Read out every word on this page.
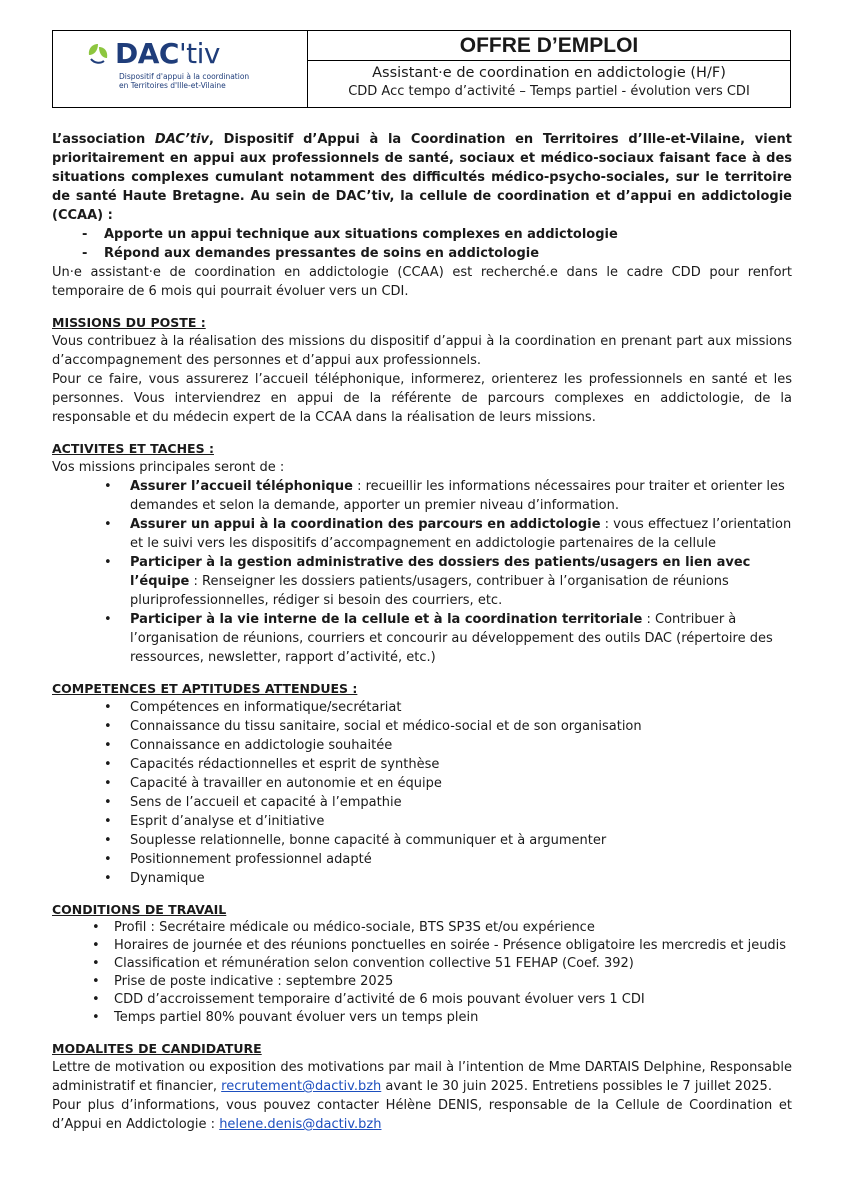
DAC'tiv
Dispositif d'appui à la coordination
en Territoires d'Ille-et-Vilaine
OFFRE D’EMPLOI
Assistant·e de coordination en addictologie (H/F)
CDD Acc tempo d’activité – Temps partiel - évolution vers CDI
L’association DAC’tiv, Dispositif d’Appui à la Coordination en Territoires d’Ille-et-Vilaine, vient prioritairement en appui aux professionnels de santé, sociaux et médico-sociaux faisant face à des situations complexes cumulant notamment des difficultés médico-psycho-sociales, sur le territoire de santé Haute Bretagne. Au sein de DAC’tiv, la cellule de coordination et d’appui en addictologie (CCAA) :
- Apporte un appui technique aux situations complexes en addictologie
- Répond aux demandes pressantes de soins en addictologie

Un·e assistant·e de coordination en addictologie (CCAA) est recherché.e dans le cadre CDD pour renfort temporaire de 6 mois qui pourrait évoluer vers un CDI.

MISSIONS DU POSTE :

Vous contribuez à la réalisation des missions du dispositif d’appui à la coordination en prenant part aux missions d’accompagnement des personnes et d’appui aux professionnels.

Pour ce faire, vous assurerez l’accueil téléphonique, informerez, orienterez les professionnels en santé et les personnes. Vous interviendrez en appui de la référente de parcours complexes en addictologie, de la responsable et du médecin expert de la CCAA dans la réalisation de leurs missions.

ACTIVITES ET TACHES :

Vos missions principales seront de :

• Assurer l’accueil téléphonique : recueillir les informations nécessaires pour traiter et orienter les demandes et selon la demande, apporter un premier niveau d’information.
• Assurer un appui à la coordination des parcours en addictologie : vous effectuez l’orientation et le suivi vers les dispositifs d’accompagnement en addictologie partenaires de la cellule
• Participer à la gestion administrative des dossiers des patients/usagers en lien avec l’équipe : Renseigner les dossiers patients/usagers, contribuer à l’organisation de réunions pluriprofessionnelles, rédiger si besoin des courriers, etc.
• Participer à la vie interne de la cellule et à la coordination territoriale : Contribuer à l’organisation de réunions, courriers et concourir au développement des outils DAC (répertoire des ressources, newsletter, rapport d’activité, etc.)
COMPETENCES ET APTITUDES ATTENDUES :
• Compétences en informatique/secrétariat
• Connaissance du tissu sanitaire, social et médico-social et de son organisation
• Connaissance en addictologie souhaitée
• Capacités rédactionnelles et esprit de synthèse
• Capacité à travailler en autonomie et en équipe
• Sens de l’accueil et capacité à l’empathie
• Esprit d’analyse et d’initiative
• Souplesse relationnelle, bonne capacité à communiquer et à argumenter
• Positionnement professionnel adapté
• Dynamique
CONDITIONS DE TRAVAIL
• Profil : Secrétaire médicale ou médico-sociale, BTS SP3S et/ou expérience
• Horaires de journée et des réunions ponctuelles en soirée - Présence obligatoire les mercredis et jeudis
• Classification et rémunération selon convention collective 51 FEHAP (Coef. 392)
• Prise de poste indicative : septembre 2025
• CDD d’accroissement temporaire d’activité de 6 mois pouvant évoluer vers 1 CDI
• Temps partiel 80% pouvant évoluer vers un temps plein
MODALITES DE CANDIDATURE

Lettre de motivation ou exposition des motivations par mail à l’intention de Mme DARTAIS Delphine, Responsable administratif et financier, recrutement@dactiv.bzh avant le 30 juin 2025. Entretiens possibles le 7 juillet 2025.

Pour plus d’informations, vous pouvez contacter Hélène DENIS, responsable de la Cellule de Coordination et d’Appui en Addictologie : helene.denis@dactiv.bzh
